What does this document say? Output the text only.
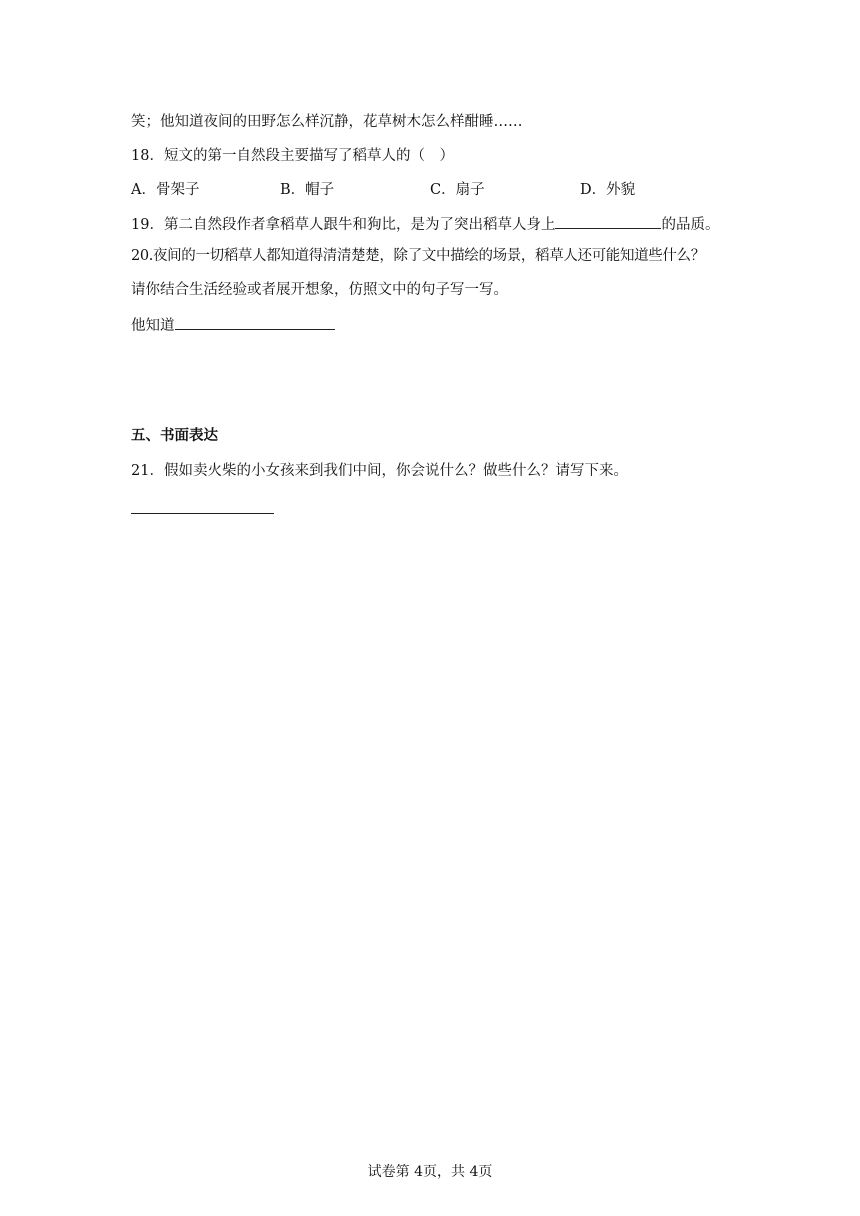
笑；他知道夜间的田野怎么样沉静，花草树木怎么样酣睡……
18．短文的第一自然段主要描写了稻草人的（　）
A．骨架子	B．帽子	C．扇子	D．外貌
19．第二自然段作者拿稻草人跟牛和狗比，是为了突出稻草人身上	的品质。
20.夜间的一切稻草人都知道得清清楚楚，除了文中描绘的场景，稻草人还可能知道些什么？
请你结合生活经验或者展开想象，仿照文中的句子写一写。
他知道
五、书面表达
21．假如卖火柴的小女孩来到我们中间，你会说什么？做些什么？请写下来。
试卷第 4页，共 4页
